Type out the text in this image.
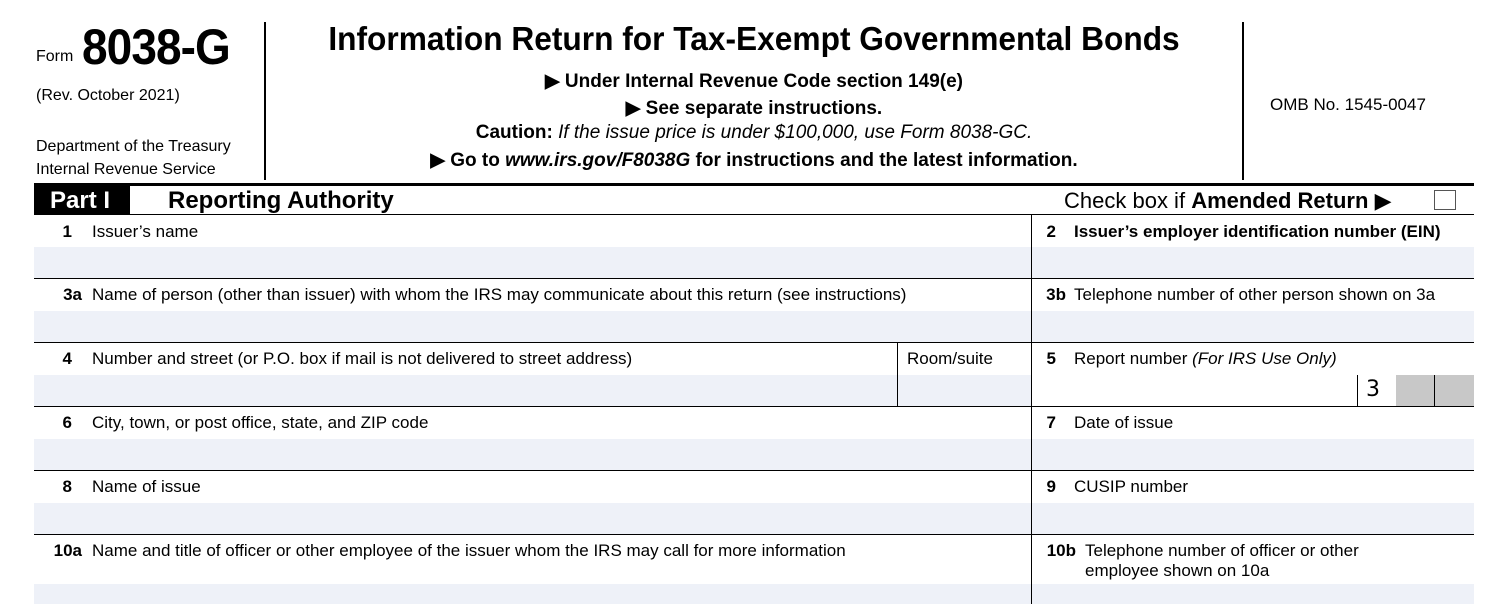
Form 8038-G
(Rev. October 2021)
Department of the Treasury
Internal Revenue Service
Information Return for Tax-Exempt Governmental Bonds
▶ Under Internal Revenue Code section 149(e)
▶ See separate instructions.
Caution: If the issue price is under $100,000, use Form 8038-GC.
▶ Go to www.irs.gov/F8038G for instructions and the latest information.
OMB No. 1545-0047
Part I	Reporting Authority	Check box if Amended Return ▶
1 Issuer’s name	2 Issuer’s employer identification number (EIN)
3a Name of person (other than issuer) with whom the IRS may communicate about this return (see instructions)	3b Telephone number of other person shown on 3a
4 Number and street (or P.O. box if mail is not delivered to street address)	Room/suite	5 Report number (For IRS Use Only)
3
6 City, town, or post office, state, and ZIP code	7 Date of issue
8 Name of issue	9 CUSIP number
10a Name and title of officer or other employee of the issuer whom the IRS may call for more information	10b Telephone number of officer or other
employee shown on 10a
